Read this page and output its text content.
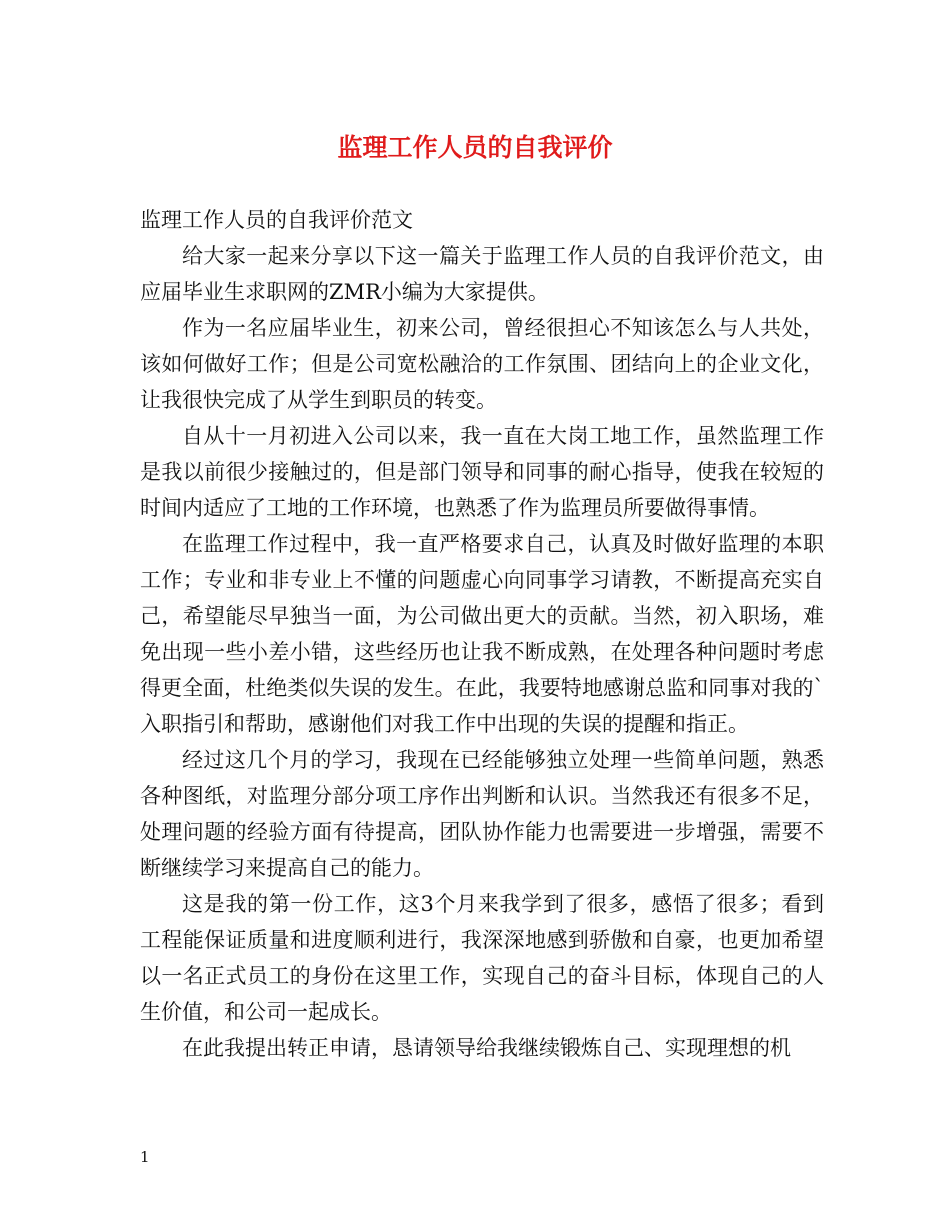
监理工作人员的自我评价

监理工作人员的自我评价范文

给大家一起来分享以下这一篇关于监理工作人员的自我评价范文，由应届毕业生求职网的ZMR小编为大家提供。

作为一名应届毕业生，初来公司，曾经很担心不知该怎么与人共处，该如何做好工作；但是公司宽松融洽的工作氛围、团结向上的企业文化，让我很快完成了从学生到职员的转变。

自从十一月初进入公司以来，我一直在大岗工地工作，虽然监理工作是我以前很少接触过的，但是部门领导和同事的耐心指导，使我在较短的时间内适应了工地的工作环境，也熟悉了作为监理员所要做得事情。

在监理工作过程中，我一直严格要求自己，认真及时做好监理的本职工作；专业和非专业上不懂的问题虚心向同事学习请教，不断提高充实自己，希望能尽早独当一面，为公司做出更大的贡献。当然，初入职场，难免出现一些小差小错，这些经历也让我不断成熟，在处理各种问题时考虑得更全面，杜绝类似失误的发生。在此，我要特地感谢总监和同事对我的`入职指引和帮助，感谢他们对我工作中出现的失误的提醒和指正。

经过这几个月的学习，我现在已经能够独立处理一些简单问题，熟悉各种图纸，对监理分部分项工序作出判断和认识。当然我还有很多不足，处理问题的经验方面有待提高，团队协作能力也需要进一步增强，需要不断继续学习来提高自己的能力。

这是我的第一份工作，这3个月来我学到了很多，感悟了很多；看到工程能保证质量和进度顺利进行，我深深地感到骄傲和自豪，也更加希望以一名正式员工的身份在这里工作，实现自己的奋斗目标，体现自己的人生价值，和公司一起成长。

在此我提出转正申请，恳请领导给我继续锻炼自己、实现理想的机

1
